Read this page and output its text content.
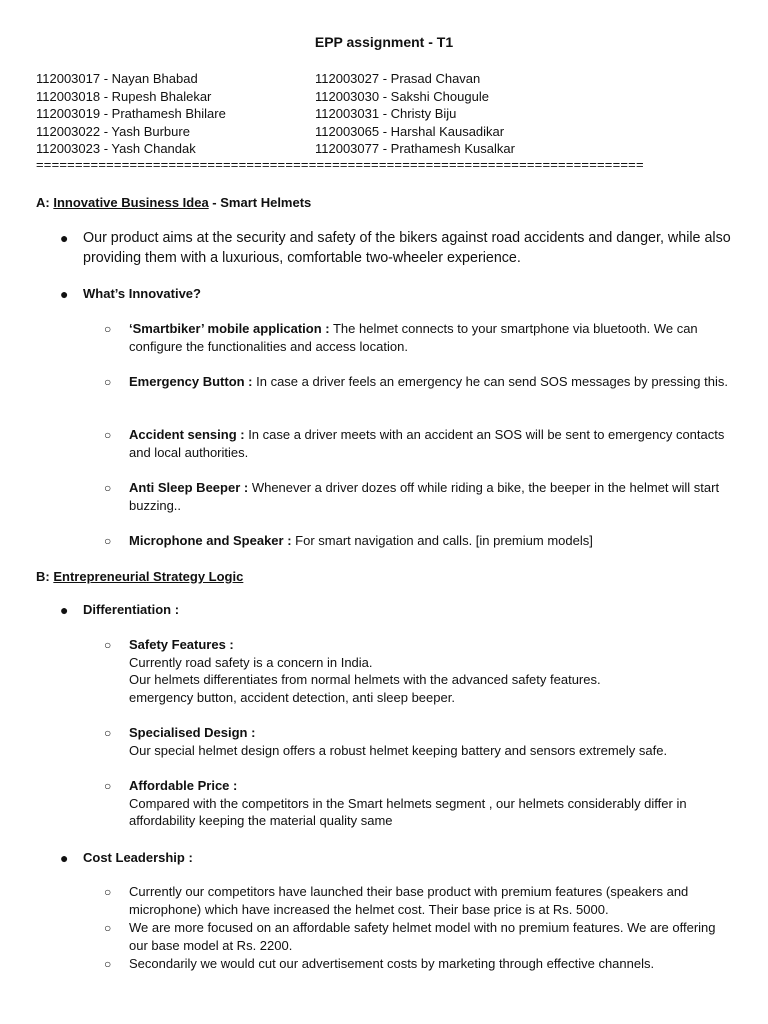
EPP assignment - T1
112003017 - Nayan Bhabad	112003027 - Prasad Chavan
112003018 - Rupesh Bhalekar	112003030 - Sakshi Chougule
112003019 - Prathamesh Bhilare	112003031 - Christy Biju
112003022 - Yash Burbure	112003065 - Harshal Kausadikar
112003023 - Yash Chandak	112003077 - Prathamesh Kusalkar
==============================================================================
A: Innovative Business Idea - Smart Helmets
● Our product aims at the security and safety of the bikers against road accidents and danger, while also providing them with a luxurious, comfortable two-wheeler experience.
● What’s Innovative?
○ ‘Smartbiker’ mobile application : The helmet connects to your smartphone via bluetooth. We can configure the functionalities and access location.
○ Emergency Button : In case a driver feels an emergency he can send SOS messages by pressing this.
○ Accident sensing : In case a driver meets with an accident an SOS will be sent to emergency contacts and local authorities.
○ Anti Sleep Beeper : Whenever a driver dozes off while riding a bike, the beeper in the helmet will start buzzing..
○ Microphone and Speaker : For smart navigation and calls. [in premium models]
B: Entrepreneurial Strategy Logic
● Differentiation :
○ Safety Features :
Currently road safety is a concern in India.
Our helmets differentiates from normal helmets with the advanced safety features.
emergency button, accident detection, anti sleep beeper.
○ Specialised Design :
Our special helmet design offers a robust helmet keeping battery and sensors extremely safe.
○ Affordable Price :
Compared with the competitors in the Smart helmets segment , our helmets considerably differ in affordability keeping the material quality same
● Cost Leadership :
○ Currently our competitors have launched their base product with premium features (speakers and microphone) which have increased the helmet cost. Their base price is at Rs. 5000.
○ We are more focused on an affordable safety helmet model with no premium features. We are offering our base model at Rs. 2200.
○ Secondarily we would cut our advertisement costs by marketing through effective channels.
